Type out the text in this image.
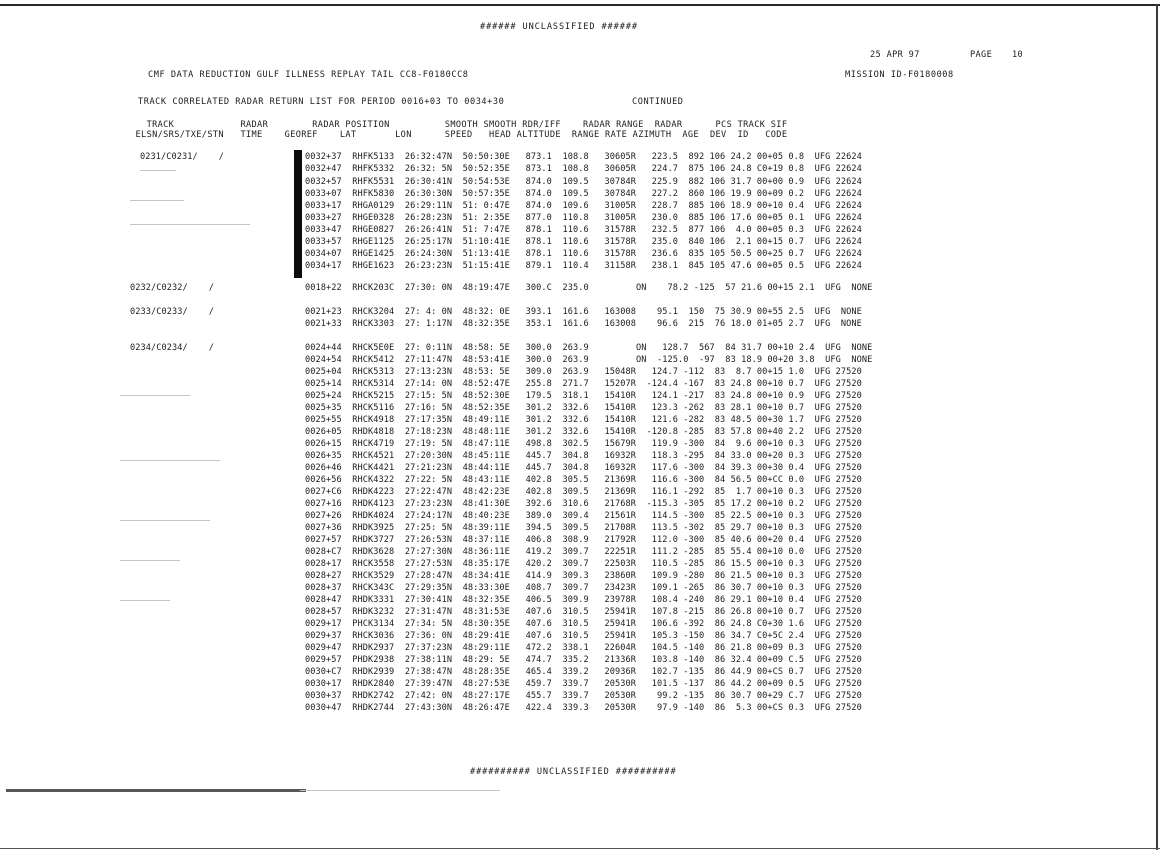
###### UNCLASSIFIED ######
25 APR 97	PAGE 10
CMF DATA REDUCTION GULF ILLNESS REPLAY TAIL CC8-F0180CC8	MISSION ID-F0180008
TRACK CORRELATED RADAR RETURN LIST FOR PERIOD 0016+03 TO 0034+30	CONTINUED
TRACK            RADAR        RADAR POSITION          SMOOTH SMOOTH RDR/IFF    RADAR RANGE  RADAR      PCS TRACK SIF
ELSN/SRS/TXE/STN   TIME    GEOREF    LAT       LON      SPEED   HEAD ALTITUDE  RANGE RATE AZIMUTH  AGE  DEV  ID   CODE
0231/C0231/    /	0032+37  RHFK5133  26:32:47N  50:50:30E   873.1  108.8   30605R   223.5  892 106 24.2 00+05 0.8  UFG 22624
0032+47  RHFK5332  26:32: 5N  50:52:35E   873.1  108.8   30605R   224.7  875 106 24.8 C0+19 0.8  UFG 22624
0032+57  RHFK5531  26:30:41N  50:54:53E   874.0  109.5   30784R   225.9  882 106 31.7 00+00 0.9  UFG 22624
0033+07  RHFK5830  26:30:30N  50:57:35E   874.0  109.5   30784R   227.2  860 106 19.9 00+09 0.2  UFG 22624
0033+17  RHGA0129  26:29:11N  51: 0:47E   874.0  109.6   31005R   228.7  885 106 18.9 00+10 0.4  UFG 22624
0033+27  RHGE0328  26:28:23N  51: 2:35E   877.0  110.8   31005R   230.0  885 106 17.6 00+05 0.1  UFG 22624
0033+47  RHGE0827  26:26:41N  51: 7:47E   878.1  110.6   31578R   232.5  877 106  4.0 00+05 0.3  UFG 22624
0033+57  RHGE1125  26:25:17N  51:10:41E   878.1  110.6   31578R   235.0  840 106  2.1 00+15 0.7  UFG 22624
0034+07  RHGE1425  26:24:30N  51:13:41E   878.1  110.6   31578R   236.6  835 105 50.5 00+25 0.7  UFG 22624
0034+17  RHGE1623  26:23:23N  51:15:41E   879.1  110.4   31158R   238.1  845 105 47.6 00+05 0.5  UFG 22624
0232/C0232/    /	0018+22  RHCK203C  27:30: 0N  48:19:47E   300.C  235.0         ON    78.2 -125  57 21.6 00+15 2.1  UFG  NONE
0233/C0233/    /	0021+23  RHCK3204  27: 4: 0N  48:32: 0E   393.1  161.6   163008    95.1  150  75 30.9 00+55 2.5  UFG  NONE
0021+33  RHCK3303  27: 1:17N  48:32:35E   353.1  161.6   163008    96.6  215  76 18.0 01+05 2.7  UFG  NONE
0234/C0234/    /	0024+44  RHCK5E0E  27: 0:11N  48:58: 5E   300.0  263.9         ON   128.7  567  84 31.7 00+10 2.4  UFG  NONE
0024+54  RHCK5412  27:11:47N  48:53:41E   300.0  263.9         ON  -125.0  -97  83 18.9 00+20 3.8  UFG  NONE
0025+04  RHCK5313  27:13:23N  48:53: 5E   309.0  263.9   15048R   124.7 -112  83  8.7 00+15 1.0  UFG 27520
0025+14  RHCK5314  27:14: 0N  48:52:47E   255.8  271.7   15207R  -124.4 -167  83 24.8 00+10 0.7  UFG 27520
0025+24  RHCK5215  27:15: 5N  48:52:30E   179.5  318.1   15410R   124.1 -217  83 24.8 00+10 0.9  UFG 27520
0025+35  RHCK5116  27:16: 5N  48:52:35E   301.2  332.6   15410R   123.3 -262  83 28.1 00+10 0.7  UFG 27520
0025+55  RHCK4918  27:17:35N  48:49:11E   301.2  332.6   15410R   121.6 -282  83 48.5 00+30 1.7  UFG 27520
0026+05  RHDK4818  27:18:23N  48:48:11E   301.2  332.6   15410R  -120.8 -285  83 57.8 00+40 2.2  UFG 27520
0026+15  RHCK4719  27:19: 5N  48:47:11E   498.8  302.5   15679R   119.9 -300  84  9.6 00+10 0.3  UFG 27520
0026+35  RHCK4521  27:20:30N  48:45:11E   445.7  304.8   16932R   118.3 -295  84 33.0 00+20 0.3  UFG 27520
0026+46  RHCK4421  27:21:23N  48:44:11E   445.7  304.8   16932R   117.6 -300  84 39.3 00+30 0.4  UFG 27520
0026+56  RHCK4322  27:22: 5N  48:43:11E   402.8  305.5   21369R   116.6 -300  84 56.5 00+CC 0.0  UFG 27520
0027+C6  RHDK4223  27:22:47N  48:42:23E   402.8  309.5   21369R   116.1 -292  85  1.7 00+10 0.3  UFG 27520
0027+16  RHDK4123  27:23:23N  48:41:30E   392.6  310.6   21768R  -115.3 -305  85 17.2 00+10 0.2  UFG 27520
0027+26  RHDK4024  27:24:17N  48:40:23E   389.0  309.4   21561R   114.5 -300  85 22.5 00+10 0.3  UFG 27520
0027+36  RHDK3925  27:25: 5N  48:39:11E   394.5  309.5   21708R   113.5 -302  85 29.7 00+10 0.3  UFG 27520
0027+57  RHDK3727  27:26:53N  48:37:11E   406.8  308.9   21792R   112.0 -300  85 40.6 00+20 0.4  UFG 27520
0028+C7  RHDK3628  27:27:30N  48:36:11E   419.2  309.7   22251R   111.2 -285  85 55.4 00+10 0.0  UFG 27520
0028+17  RHCK3558  27:27:53N  48:35:17E   420.2  309.7   22503R   110.5 -285  86 15.5 00+10 0.3  UFG 27520
0028+27  RHCK3529  27:28:47N  48:34:41E   414.9  309.3   23860R   109.9 -280  86 21.5 00+10 0.3  UFG 27520
0028+37  RHCK343C  27:29:35N  48:33:30E   408.7  309.7   23423R   109.1 -265  86 30.7 00+10 0.3  UFG 27520
0028+47  RHDK3331  27:30:41N  48:32:35E   406.5  309.9   23978R   108.4 -240  86 29.1 00+10 0.4  UFG 27520
0028+57  RHDK3232  27:31:47N  48:31:53E   407.6  310.5   25941R   107.8 -215  86 26.8 00+10 0.7  UFG 27520
0029+17  PHCK3134  27:34: 5N  48:30:35E   407.6  310.5   25941R   106.6 -392  86 24.8 C0+30 1.6  UFG 27520
0029+37  RHCK3036  27:36: 0N  48:29:41E   407.6  310.5   25941R   105.3 -150  86 34.7 C0+5C 2.4  UFG 27520
0029+47  RHDK2937  27:37:23N  48:29:11E   472.2  338.1   22604R   104.5 -140  86 21.8 00+09 0.3  UFG 27520
0029+57  PHDK2938  27:38:11N  48:29: 5E   474.7  335.2   21336R   103.8 -140  86 32.4 00+09 C.5  UFG 27520
0030+C7  RHDK2939  27:38:47N  48:28:35E   465.4  339.2   20936R   102.7 -135  86 44.9 00+CS 0.7  UFG 27520
0030+17  RHDK2840  27:39:47N  48:27:53E   459.7  339.7   20530R   101.5 -137  86 44.2 00+09 0.5  UFG 27520
0030+37  RHDK2742  27:42: 0N  48:27:17E   455.7  339.7   20530R    99.2 -135  86 30.7 00+29 C.7  UFG 27520
0030+47  RHDK2744  27:43:30N  48:26:47E   422.4  339.3   20530R    97.9 -140  86  5.3 00+CS 0.3  UFG 27520
########## UNCLASSIFIED ##########
